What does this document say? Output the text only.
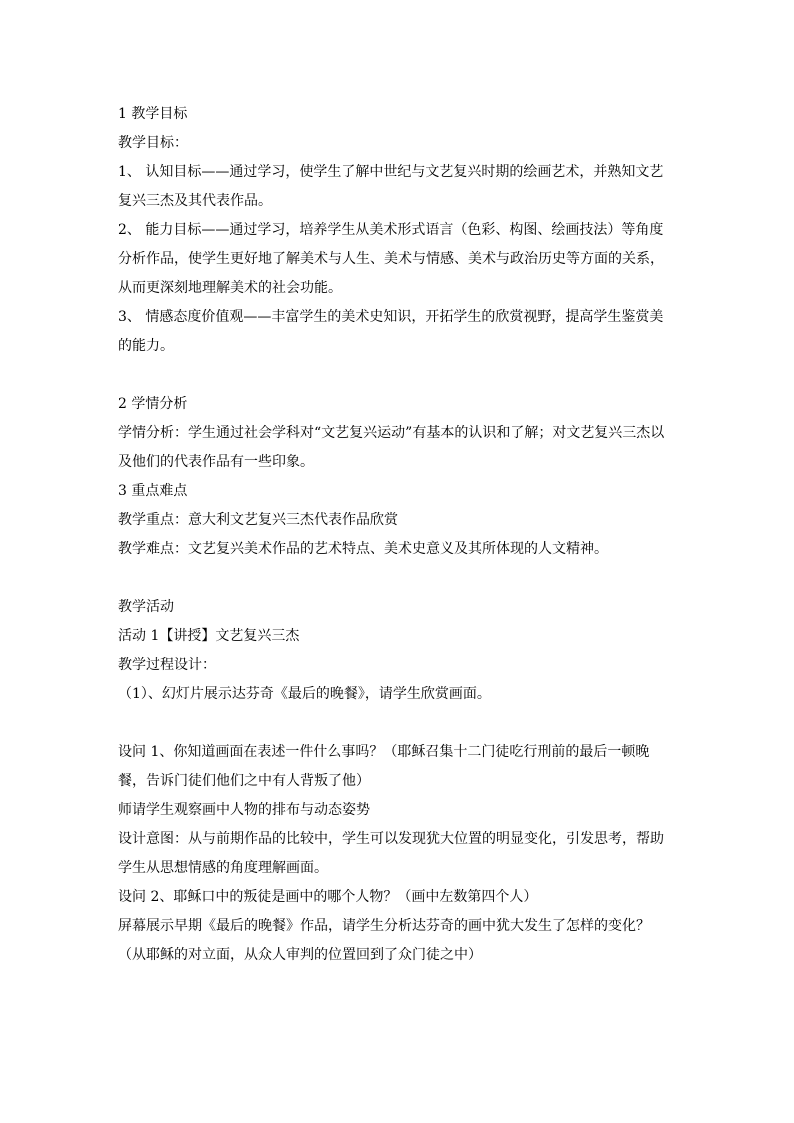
1 教学目标

教学目标：

1、 认知目标——通过学习，使学生了解中世纪与文艺复兴时期的绘画艺术，并熟知文艺复兴三杰及其代表作品。

2、 能力目标——通过学习，培养学生从美术形式语言（色彩、构图、绘画技法）等角度分析作品，使学生更好地了解美术与人生、美术与情感、美术与政治历史等方面的关系，从而更深刻地理解美术的社会功能。

3、 情感态度价值观——丰富学生的美术史知识，开拓学生的欣赏视野，提高学生鉴赏美的能力。

2 学情分析

学情分析：学生通过社会学科对“文艺复兴运动”有基本的认识和了解；对文艺复兴三杰以及他们的代表作品有一些印象。

3 重点难点

教学重点：意大利文艺复兴三杰代表作品欣赏

教学难点：文艺复兴美术作品的艺术特点、美术史意义及其所体现的人文精神。

教学活动

活动 1【讲授】文艺复兴三杰

教学过程设计：

（1）、幻灯片展示达芬奇《最后的晚餐》，请学生欣赏画面。

设问 1、你知道画面在表述一件什么事吗？（耶稣召集十二门徒吃行刑前的最后一顿晚餐，告诉门徒们他们之中有人背叛了他）

师请学生观察画中人物的排布与动态姿势

设计意图：从与前期作品的比较中，学生可以发现犹大位置的明显变化，引发思考，帮助学生从思想情感的角度理解画面。

设问 2、耶稣口中的叛徒是画中的哪个人物？（画中左数第四个人）

屏幕展示早期《最后的晚餐》作品，请学生分析达芬奇的画中犹大发生了怎样的变化？（从耶稣的对立面，从众人审判的位置回到了众门徒之中）
